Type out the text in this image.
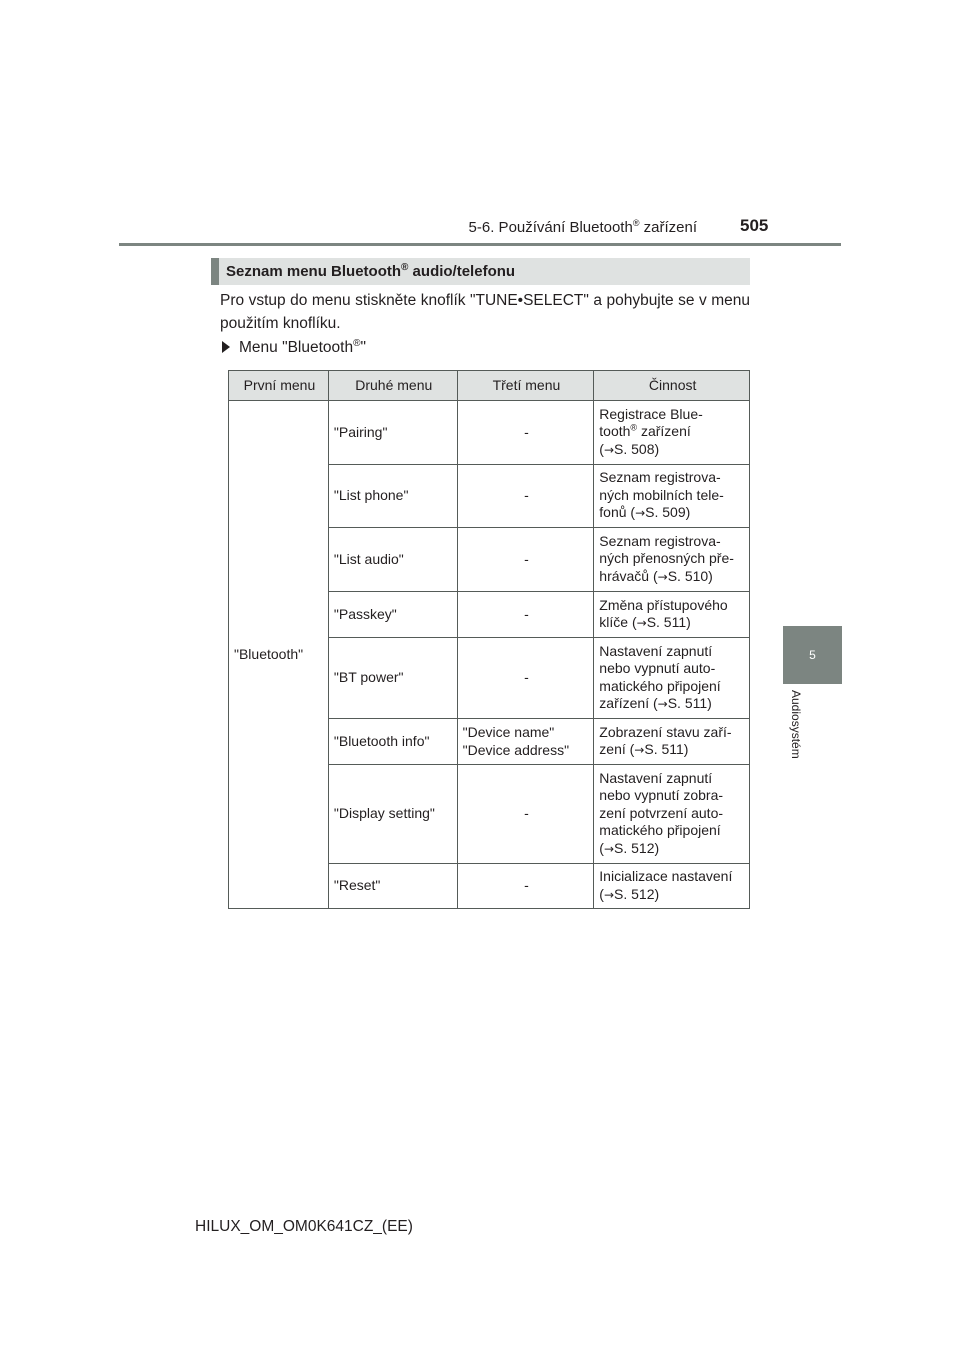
5-6. Používání Bluetooth® zařízení	505
5
Audiosystém
Seznam menu Bluetooth® audio/telefonu
Pro vstup do menu stiskněte knoflík "TUNE•SELECT" a pohybujte se v menu použitím knoflíku.
Menu "Bluetooth®"
První menu	Druhé menu	Třetí menu	Činnost
"Bluetooth"	"Pairing"	-	Registrace Blue-
tooth® zařízení
(→S. 508)
	"List phone"	-	Seznam registrova-
ných mobilních tele-
fonů (→S. 509)
	"List audio"	-	Seznam registrova-
ných přenosných pře-
hrávačů (→S. 510)
	"Passkey"	-	Změna přístupového
klíče (→S. 511)
	"BT power"	-	Nastavení zapnutí
nebo vypnutí auto-
matického připojení
zařízení (→S. 511)
	"Bluetooth info"	"Device name"
"Device address"	Zobrazení stavu zaří-
zení (→S. 511)
	"Display setting"	-	Nastavení zapnutí
nebo vypnutí zobra-
zení potvrzení auto-
matického připojení
(→S. 512)
	"Reset"	-	Inicializace nastavení
(→S. 512)
HILUX_OM_OM0K641CZ_(EE)
